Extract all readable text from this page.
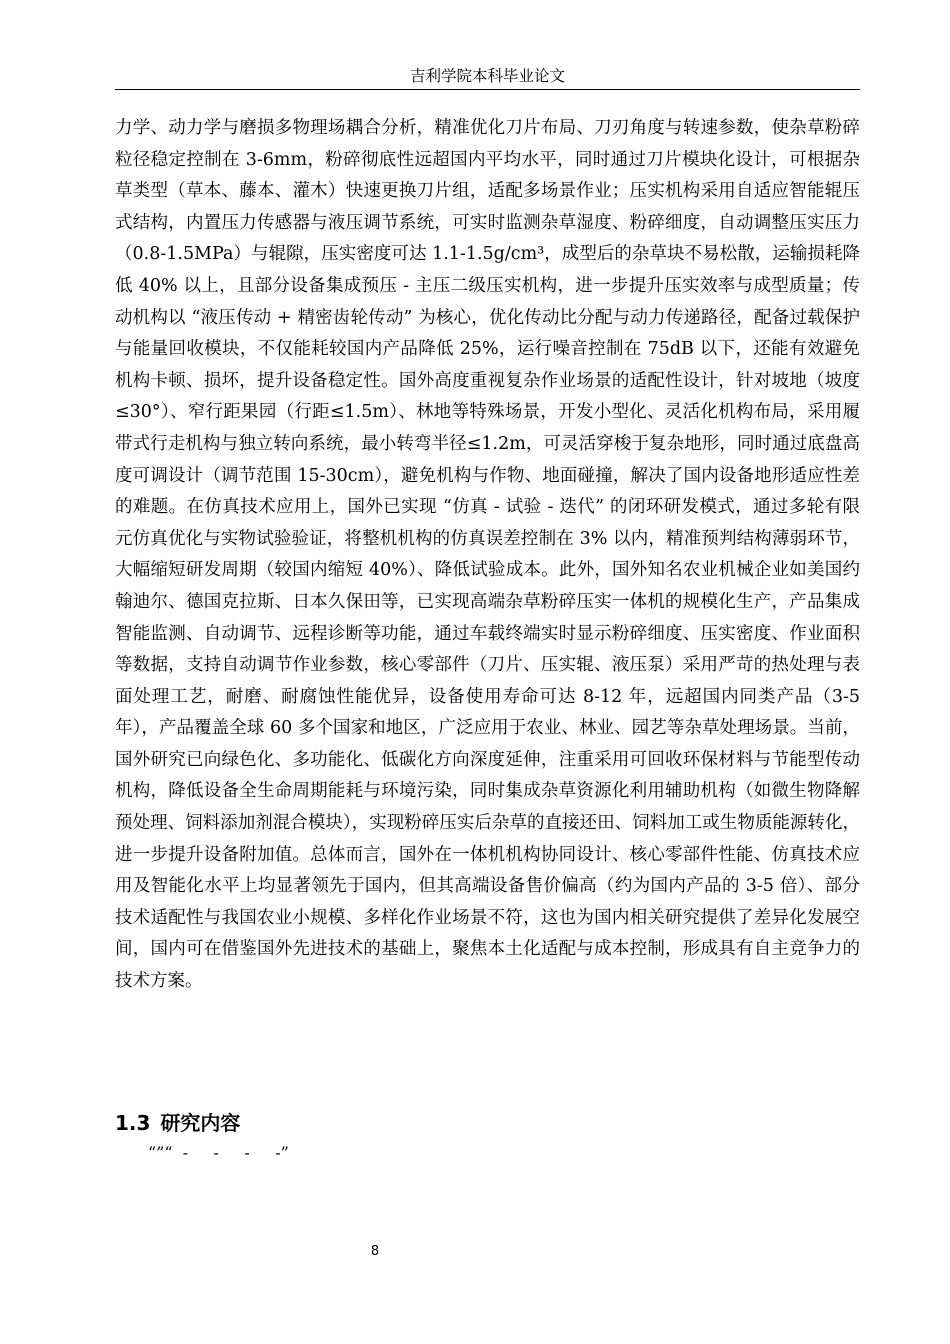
吉利学院本科毕业论文

力学、动力学与磨损多物理场耦合分析，精准优化刀片布局、刀刃角度与转速参数，使杂草粉碎粒径稳定控制在 3-6mm，粉碎彻底性远超国内平均水平，同时通过刀片模块化设计，可根据杂草类型（草本、藤本、灌木）快速更换刀片组，适配多场景作业；压实机构采用自适应智能辊压式结构，内置压力传感器与液压调节系统，可实时监测杂草湿度、粉碎细度，自动调整压实压力（0.8-1.5MPa）与辊隙，压实密度可达 1.1-1.5g/cm³，成型后的杂草块不易松散，运输损耗降低 40% 以上，且部分设备集成预压 - 主压二级压实机构，进一步提升压实效率与成型质量；传动机构以 “液压传动 + 精密齿轮传动” 为核心，优化传动比分配与动力传递路径，配备过载保护与能量回收模块，不仅能耗较国内产品降低 25%，运行噪音控制在 75dB 以下，还能有效避免机构卡顿、损坏，提升设备稳定性。国外高度重视复杂作业场景的适配性设计，针对坡地（坡度≤30°）、窄行距果园（行距≤1.5m）、林地等特殊场景，开发小型化、灵活化机构布局，采用履带式行走机构与独立转向系统，最小转弯半径≤1.2m，可灵活穿梭于复杂地形，同时通过底盘高度可调设计（调节范围 15-30cm），避免机构与作物、地面碰撞，解决了国内设备地形适应性差的难题。在仿真技术应用上，国外已实现 “仿真 - 试验 - 迭代” 的闭环研发模式，通过多轮有限元仿真优化与实物试验验证，将整机机构的仿真误差控制在 3% 以内，精准预判结构薄弱环节，大幅缩短研发周期（较国内缩短 40%）、降低试验成本。此外，国外知名农业机械企业如美国约翰迪尔、德国克拉斯、日本久保田等，已实现高端杂草粉碎压实一体机的规模化生产，产品集成智能监测、自动调节、远程诊断等功能，通过车载终端实时显示粉碎细度、压实密度、作业面积等数据，支持自动调节作业参数，核心零部件（刀片、压实辊、液压泵）采用严苛的热处理与表面处理工艺，耐磨、耐腐蚀性能优异，设备使用寿命可达 8-12 年，远超国内同类产品（3-5 年），产品覆盖全球 60 多个国家和地区，广泛应用于农业、林业、园艺等杂草处理场景。当前，国外研究已向绿色化、多功能化、低碳化方向深度延伸，注重采用可回收环保材料与节能型传动机构，降低设备全生命周期能耗与环境污染，同时集成杂草资源化利用辅助机构（如微生物降解预处理、饲料添加剂混合模块），实现粉碎压实后杂草的直接还田、饲料加工或生物质能源转化，进一步提升设备附加值。总体而言，国外在一体机机构协同设计、核心零部件性能、仿真技术应用及智能化水平上均显著领先于国内，但其高端设备售价偏高（约为国内产品的 3-5 倍）、部分技术适配性与我国农业小规模、多样化作业场景不符，这也为国内相关研究提供了差异化发展空间，国内可在借鉴国外先进技术的基础上，聚焦本土化适配与成本控制，形成具有自主竞争力的技术方案。

1.3 研究内容

“”“  -     -     -     -”

8
